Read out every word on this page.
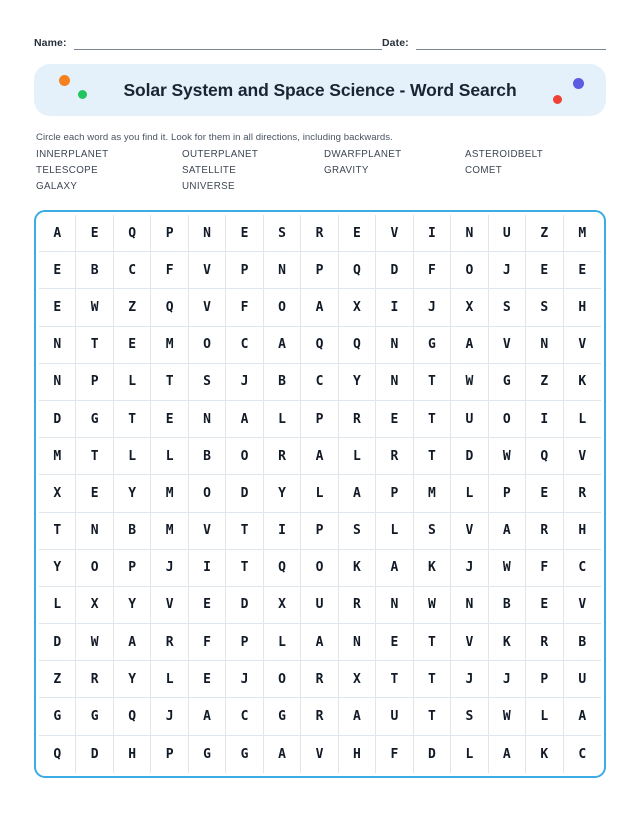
Name:	Date:
Solar System and Space Science - Word Search

Circle each word as you find it. Look for them in all directions, including backwards.

INNERPLANET	OUTERPLANET	DWARFPLANET	ASTEROIDBELT
TELESCOPE	SATELLITE	GRAVITY	COMET
GALAXY	UNIVERSE
A	E	Q	P	N	E	S	R	E	V	I	N	U	Z	M
E	B	C	F	V	P	N	P	Q	D	F	O	J	E	E
E	W	Z	Q	V	F	O	A	X	I	J	X	S	S	H
N	T	E	M	O	C	A	Q	Q	N	G	A	V	N	V
N	P	L	T	S	J	B	C	Y	N	T	W	G	Z	K
D	G	T	E	N	A	L	P	R	E	T	U	O	I	L
M	T	L	L	B	O	R	A	L	R	T	D	W	Q	V
X	E	Y	M	O	D	Y	L	A	P	M	L	P	E	R
T	N	B	M	V	T	I	P	S	L	S	V	A	R	H
Y	O	P	J	I	T	Q	O	K	A	K	J	W	F	C
L	X	Y	V	E	D	X	U	R	N	W	N	B	E	V
D	W	A	R	F	P	L	A	N	E	T	V	K	R	B
Z	R	Y	L	E	J	O	R	X	T	T	J	J	P	U
G	G	Q	J	A	C	G	R	A	U	T	S	W	L	A
Q	D	H	P	G	G	A	V	H	F	D	L	A	K	C
